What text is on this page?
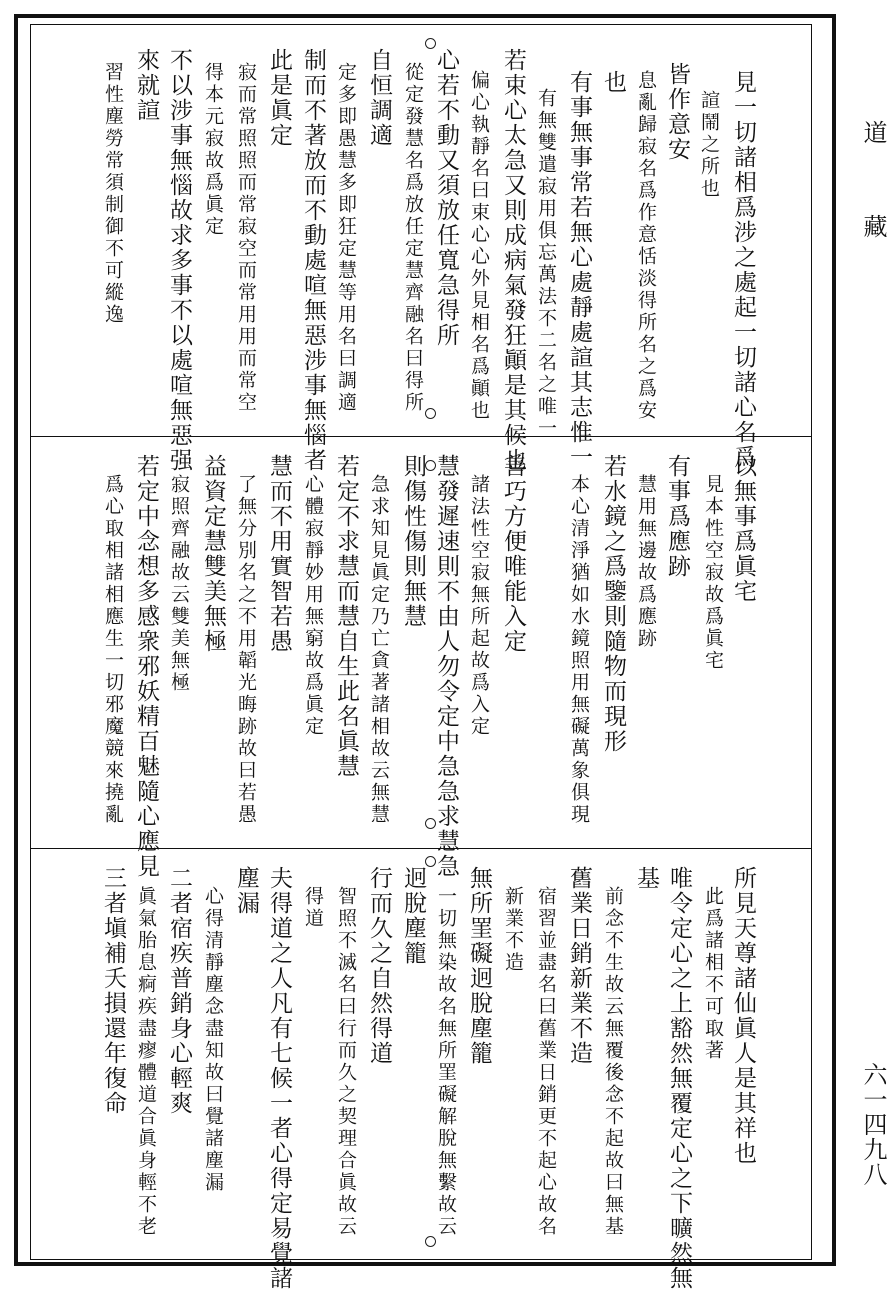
道
藏
六一四九八
見一切諸相爲涉之處起一切諸心名爲
諠鬧之所也
皆作意安
息亂歸寂名爲作意恬淡得所名之爲安
也
有事無事常若無心處靜處諠其志惟一
有無雙遣寂用俱忘萬法不二名之唯一
若束心太急又則成病氣發狂顚是其候也
偏心執靜名曰束心心外見相名爲顚也
心若不動又須放任寬急得所
從定發慧名爲放任定慧齊融名曰得所
自恒調適
定多即愚慧多即狂定慧等用名曰調適
制而不著放而不動處喧無惡涉事無惱者
此是眞定
寂而常照照而常寂空而常用用而常空
得本元寂故爲眞定
不以涉事無惱故求多事不以處喧無惡强
來就諠
習性塵勞常須制御不可縱逸
以無事爲眞宅
見本性空寂故爲眞宅
有事爲應跡
慧用無邊故爲應跡
若水鏡之爲鑒則隨物而現形
本心清淨猶如水鏡照用無礙萬象俱現
善巧方便唯能入定
諸法性空寂無所起故爲入定
慧發遲速則不由人勿令定中急急求慧急
則傷性傷則無慧
急求知見眞定乃亡貪著諸相故云無慧
若定不求慧而慧自生此名眞慧
心體寂靜妙用無窮故爲眞定
慧而不用實智若愚
了無分別名之不用韜光晦跡故曰若愚
益資定慧雙美無極
寂照齊融故云雙美無極
若定中念想多感衆邪妖精百魅隨心應見
爲心取相諸相應生一切邪魔競來撓亂
所見天尊諸仙眞人是其祥也
此爲諸相不可取著
唯令定心之上豁然無覆定心之下曠然無
基
前念不生故云無覆後念不起故曰無基
舊業日銷新業不造
宿習並盡名曰舊業日銷更不起心故名
新業不造
無所罣礙迥脫塵籠
一切無染故名無所罣礙解脫無繫故云
迥脫塵籠
行而久之自然得道
智照不滅名曰行而久之契理合眞故云
得道
夫得道之人凡有七候一者心得定易覺諸
塵漏
心得清靜塵念盡知故曰覺諸塵漏
二者宿疾普銷身心輕爽
眞氣胎息痾疾盡瘳體道合眞身輕不老
三者塡補夭損還年復命
